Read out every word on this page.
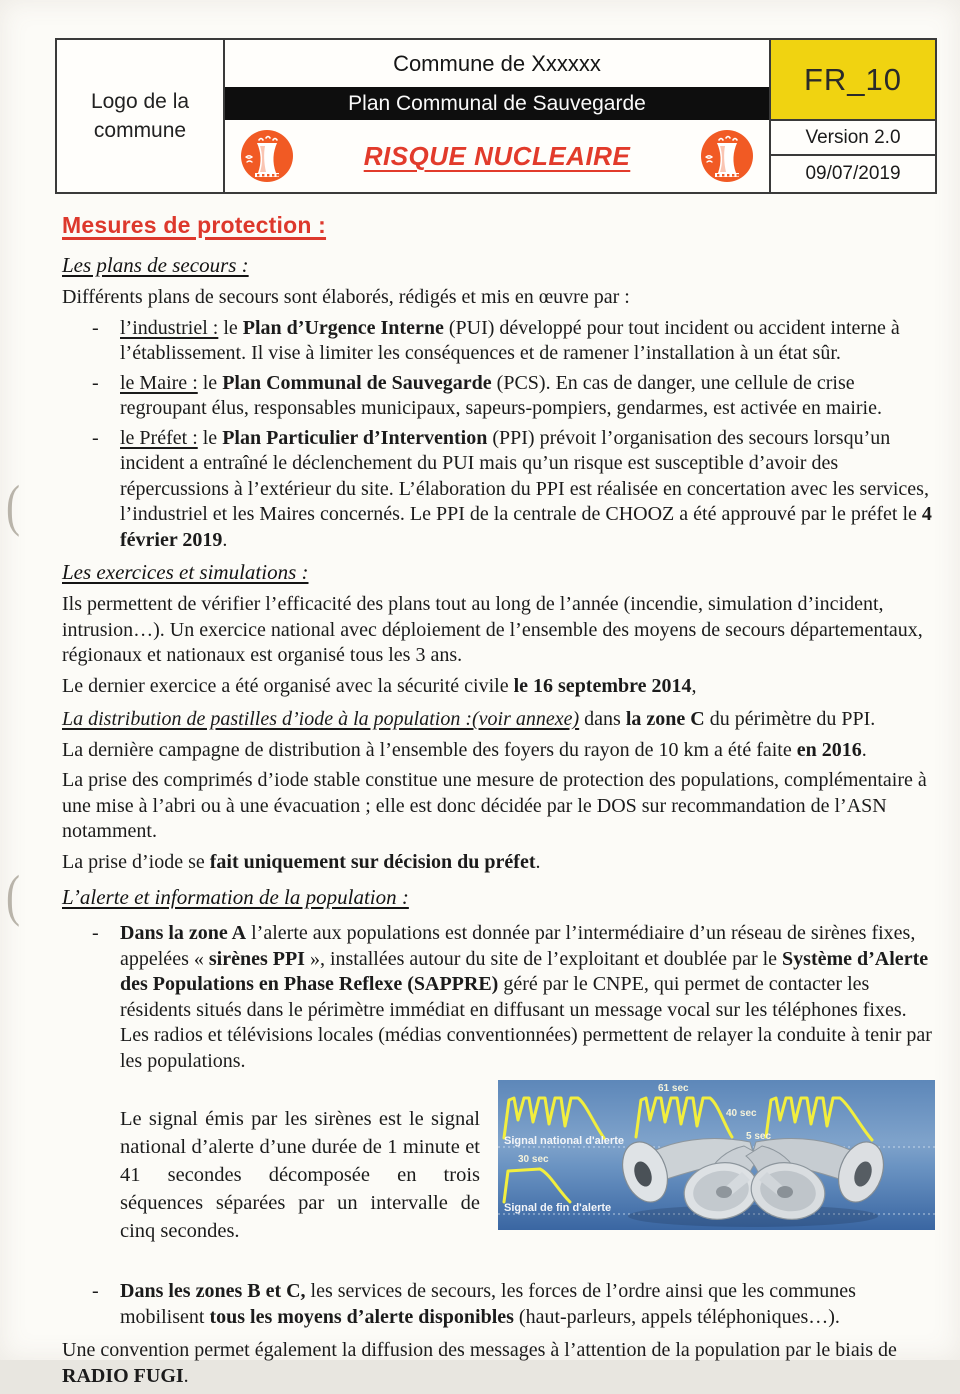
Logo de la commune
Commune de Xxxxxx
Plan Communal de Sauvegarde
RISQUE NUCLEAIRE
FR_10
Version 2.0
09/07/2019
(
(
Mesures de protection :
Les plans de secours :

Différents plans de secours sont élaborés, rédigés et mis en œuvre par :

-	l’industriel : le Plan d’Urgence Interne (PUI) développé pour tout incident ou accident interne à l’établissement. Il vise à limiter les conséquences et de ramener l’installation à un état sûr.
-	le Maire : le Plan Communal de Sauvegarde (PCS). En cas de danger, une cellule de crise regroupant élus, responsables municipaux, sapeurs-pompiers, gendarmes, est activée en mairie.
-	le Préfet : le Plan Particulier d’Intervention (PPI) prévoit l’organisation des secours lorsqu’un incident a entraîné le déclenchement du PUI mais qu’un risque est susceptible d’avoir des répercussions à l’extérieur du site. L’élaboration du PPI est réalisée en concertation avec les services, l’industriel et les Maires concernés. Le PPI de la centrale de CHOOZ a été approuvé par le préfet le 4 février 2019.
Les exercices et simulations :

Ils permettent de vérifier l’efficacité des plans tout au long de l’année (incendie, simulation d’incident, intrusion…). Un exercice national avec déploiement de l’ensemble des moyens de secours départementaux, régionaux et nationaux est organisé tous les 3 ans.

Le dernier exercice a été organisé avec la sécurité civile le 16 septembre 2014,

La distribution de pastilles d’iode à la population :(voir annexe) dans la zone C du périmètre du PPI.

La dernière campagne de distribution à l’ensemble des foyers du rayon de 10 km a été faite en 2016.

La prise des comprimés d’iode stable constitue une mesure de protection des populations, complémentaire à une mise à l’abri ou à une évacuation ; elle est donc décidée par le DOS sur recommandation de l’ASN notamment.

La prise d’iode se fait uniquement sur décision du préfet.

L’alerte et information de la population :
-	Dans la zone A l’alerte aux populations est donnée par l’intermédiaire d’un réseau de sirènes fixes, appelées « sirènes PPI », installées autour du site de l’exploitant et doublée par le Système d’Alerte des Populations en Phase Reflexe (SAPPRE) géré par le CNPE, qui permet de contacter les résidents situés dans le périmètre immédiat en diffusant un message vocal sur les téléphones fixes. Les radios et télévisions locales (médias conventionnées) permettent de relayer la conduite à tenir par les populations.

Le signal émis par les sirènes est le signal national d’alerte d’une durée de 1 minute et 41 secondes décomposée en trois séquences séparées par un intervalle de cinq secondes.

61 sec
40 sec
5 sec
Signal national d'alerte
30 sec
Signal de fin d'alerte
-	Dans les zones B et C, les services de secours, les forces de l’ordre ainsi que les communes mobilisent tous les moyens d’alerte disponibles (haut-parleurs, appels téléphoniques…).

Une convention permet également la diffusion des messages à l’attention de la population par le biais de RADIO FUGI.
